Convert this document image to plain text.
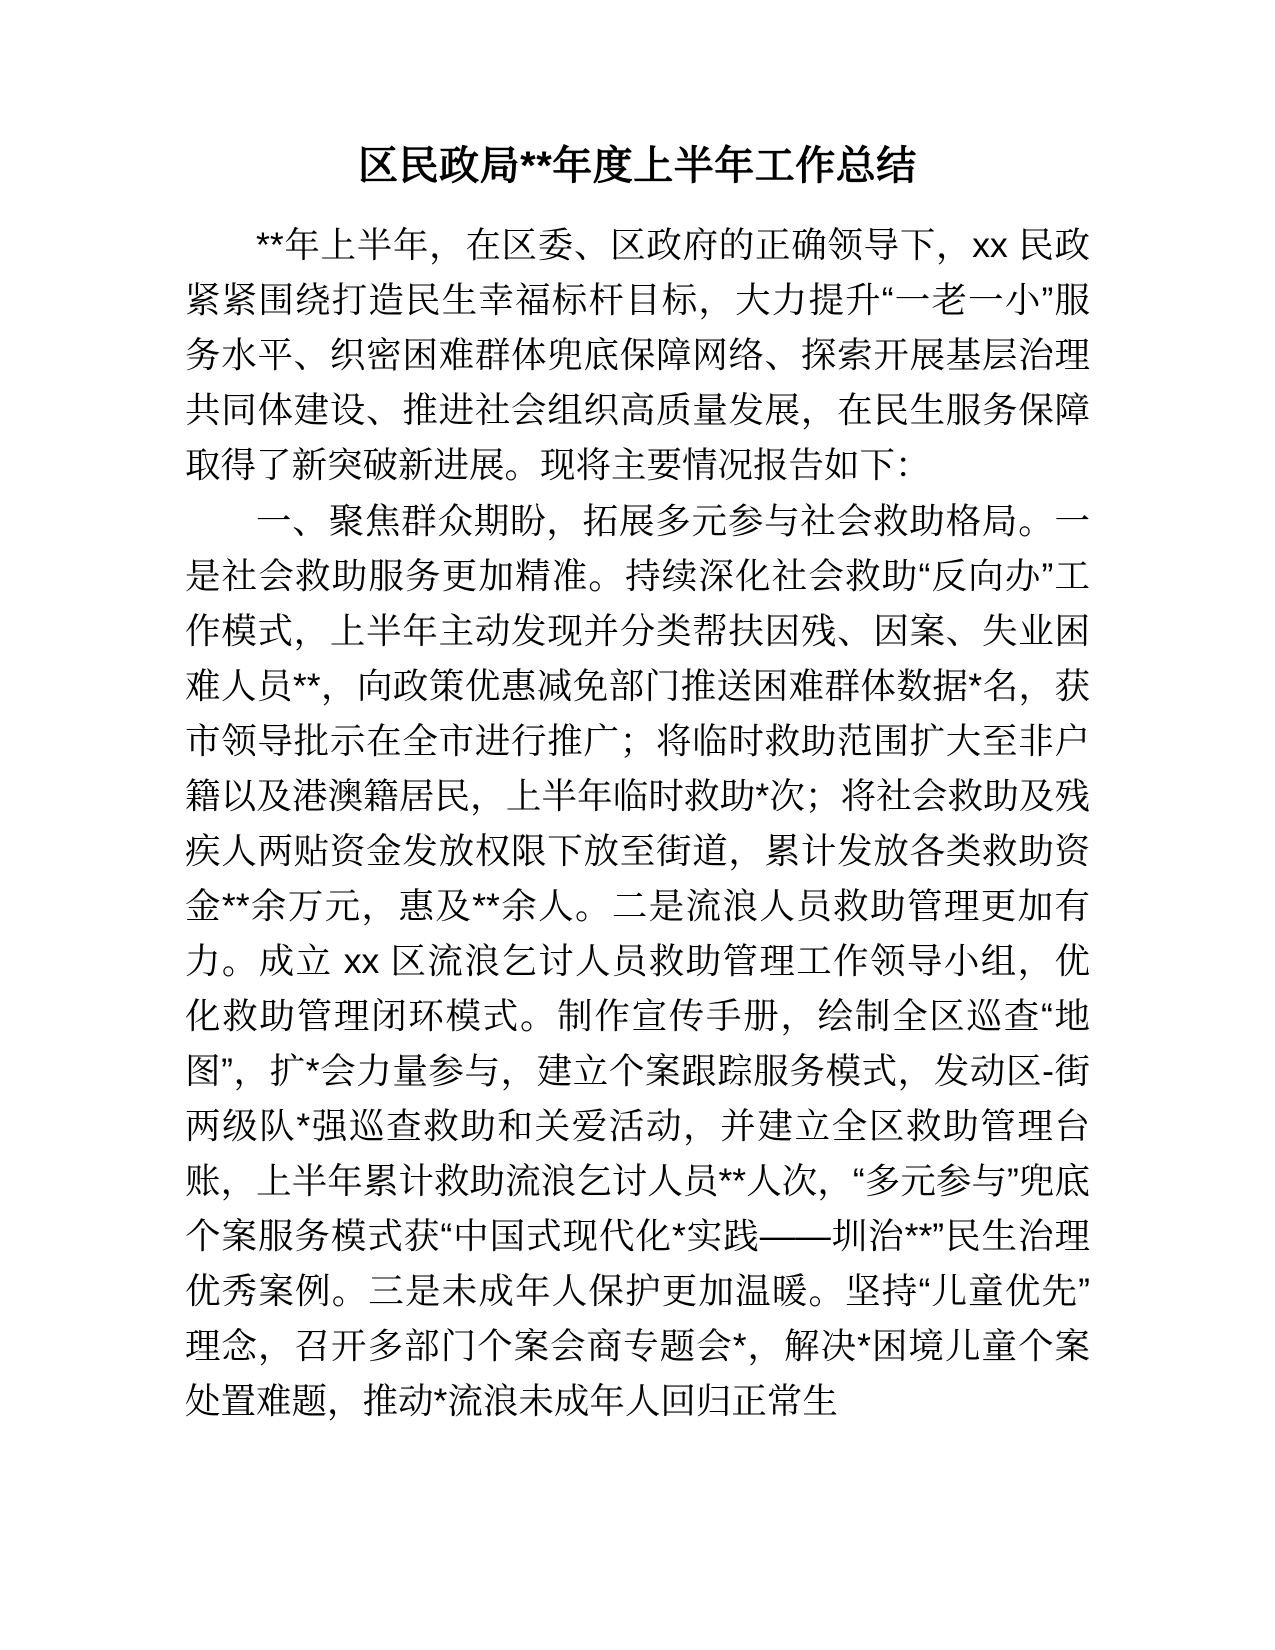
区民政局**年度上半年工作总结

**年上半年，在区委、区政府的正确领导下，xx 民政紧紧围绕打造民生幸福标杆目标，大力提升“一老一小”服务水平、织密困难群体兜底保障网络、探索开展基层治理共同体建设、推进社会组织高质量发展，在民生服务保障取得了新突破新进展。现将主要情况报告如下：

一、聚焦群众期盼，拓展多元参与社会救助格局。一是社会救助服务更加精准。持续深化社会救助“反向办”工作模式，上半年主动发现并分类帮扶因残、因案、失业困难人员**，向政策优惠减免部门推送困难群体数据*名，获市领导批示在全市进行推广；将临时救助范围扩大至非户籍以及港澳籍居民，上半年临时救助*次；将社会救助及残疾人两贴资金发放权限下放至街道，累计发放各类救助资金**余万元，惠及**余人。二是流浪人员救助管理更加有力。成立 xx 区流浪乞讨人员救助管理工作领导小组，优化救助管理闭环模式。制作宣传手册，绘制全区巡查“地图”，扩*会力量参与，建立个案跟踪服务模式，发动区-街两级队*强巡查救助和关爱活动，并建立全区救助管理台账，上半年累计救助流浪乞讨人员**人次，“多元参与”兜底个案服务模式获“中国式现代化*实践——圳治**”民生治理优秀案例。三是未成年人保护更加温暖。坚持“儿童优先”理念，召开多部门个案会商专题会*，解决*困境儿童个案处置难题，推动*流浪未成年人回归正常生
